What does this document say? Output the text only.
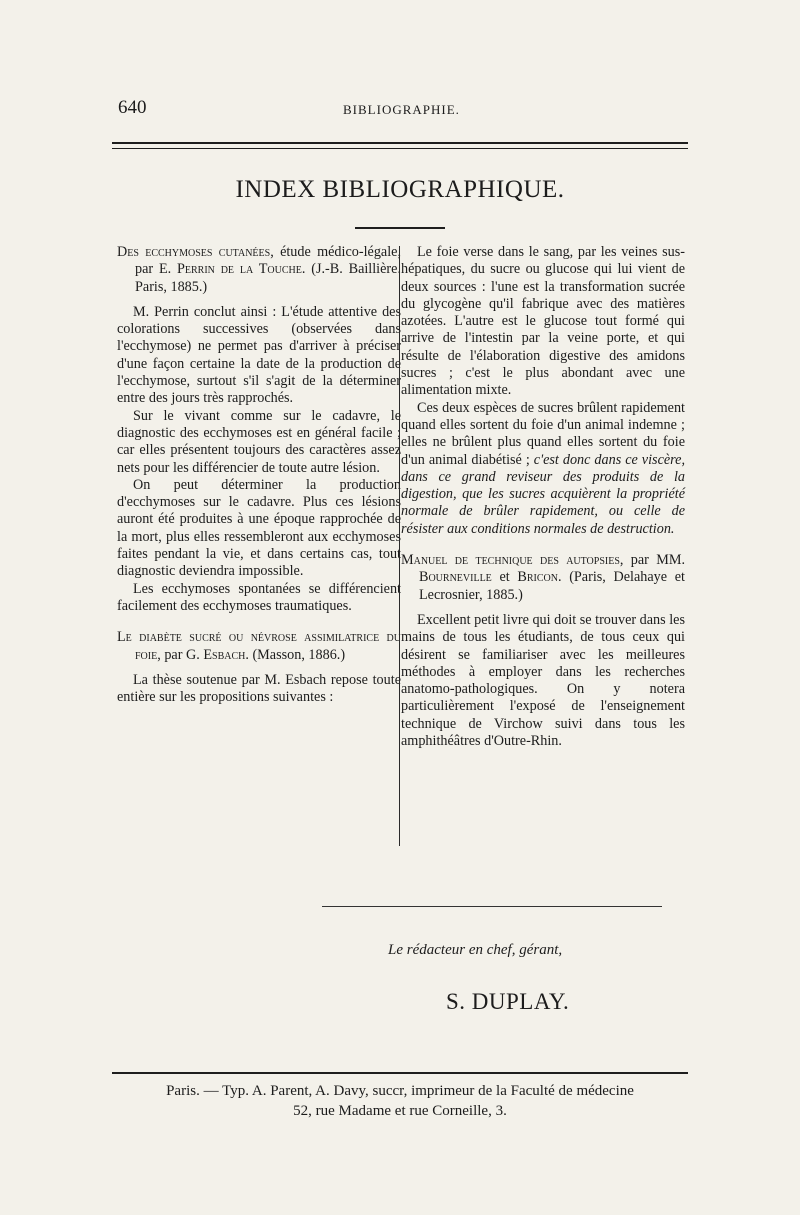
640	BIBLIOGRAPHIE.
INDEX BIBLIOGRAPHIQUE.

Des ecchymoses cutanées, étude médico-légale, par E. Perrin de la Touche. (J.-B. Baillière. Paris, 1885.)

M. Perrin conclut ainsi : L'étude attentive des colorations successives (observées dans l'ecchymose) ne permet pas d'arriver à préciser d'une façon certaine la date de la production de l'ecchymose, surtout s'il s'agit de la déterminer entre des jours très rapprochés.

Sur le vivant comme sur le cadavre, le diagnostic des ecchymoses est en général facile ; car elles présentent toujours des caractères assez nets pour les différencier de toute autre lésion.

On peut déterminer la production d'ecchymoses sur le cadavre. Plus ces lésions auront été produites à une époque rapprochée de la mort, plus elles ressembleront aux ecchymoses faites pendant la vie, et dans certains cas, tout diagnostic deviendra impossible.

Les ecchymoses spontanées se différencient facilement des ecchymoses traumatiques.

Le diabète sucré ou névrose assimilatrice du foie, par G. Esbach. (Masson, 1886.)

La thèse soutenue par M. Esbach repose toute entière sur les propositions suivantes :

Le foie verse dans le sang, par les veines sus-hépatiques, du sucre ou glucose qui lui vient de deux sources : l'une est la transformation sucrée du glycogène qu'il fabrique avec des matières azotées. L'autre est le glucose tout formé qui arrive de l'intestin par la veine porte, et qui résulte de l'élaboration digestive des amidons sucres ; c'est le plus abondant avec une alimentation mixte.

Ces deux espèces de sucres brûlent rapidement quand elles sortent du foie d'un animal indemne ; elles ne brûlent plus quand elles sortent du foie d'un animal diabétisé ; c'est donc dans ce viscère, dans ce grand reviseur des produits de la digestion, que les sucres acquièrent la propriété normale de brûler rapidement, ou celle de résister aux conditions normales de destruction.

Manuel de technique des autopsies, par MM. Bourneville et Bricon. (Paris, Delahaye et Lecrosnier, 1885.)

Excellent petit livre qui doit se trouver dans les mains de tous les étudiants, de tous ceux qui désirent se familiariser avec les meilleures méthodes à employer dans les recherches anatomo-pathologiques. On y notera particulièrement l'exposé de l'enseignement technique de Virchow suivi dans tous les amphithéâtres d'Outre-Rhin.

Le rédacteur en chef, gérant,
S. DUPLAY.
Paris. — Typ. A. Parent, A. Davy, succr, imprimeur de la Faculté de médecine
52, rue Madame et rue Corneille, 3.
